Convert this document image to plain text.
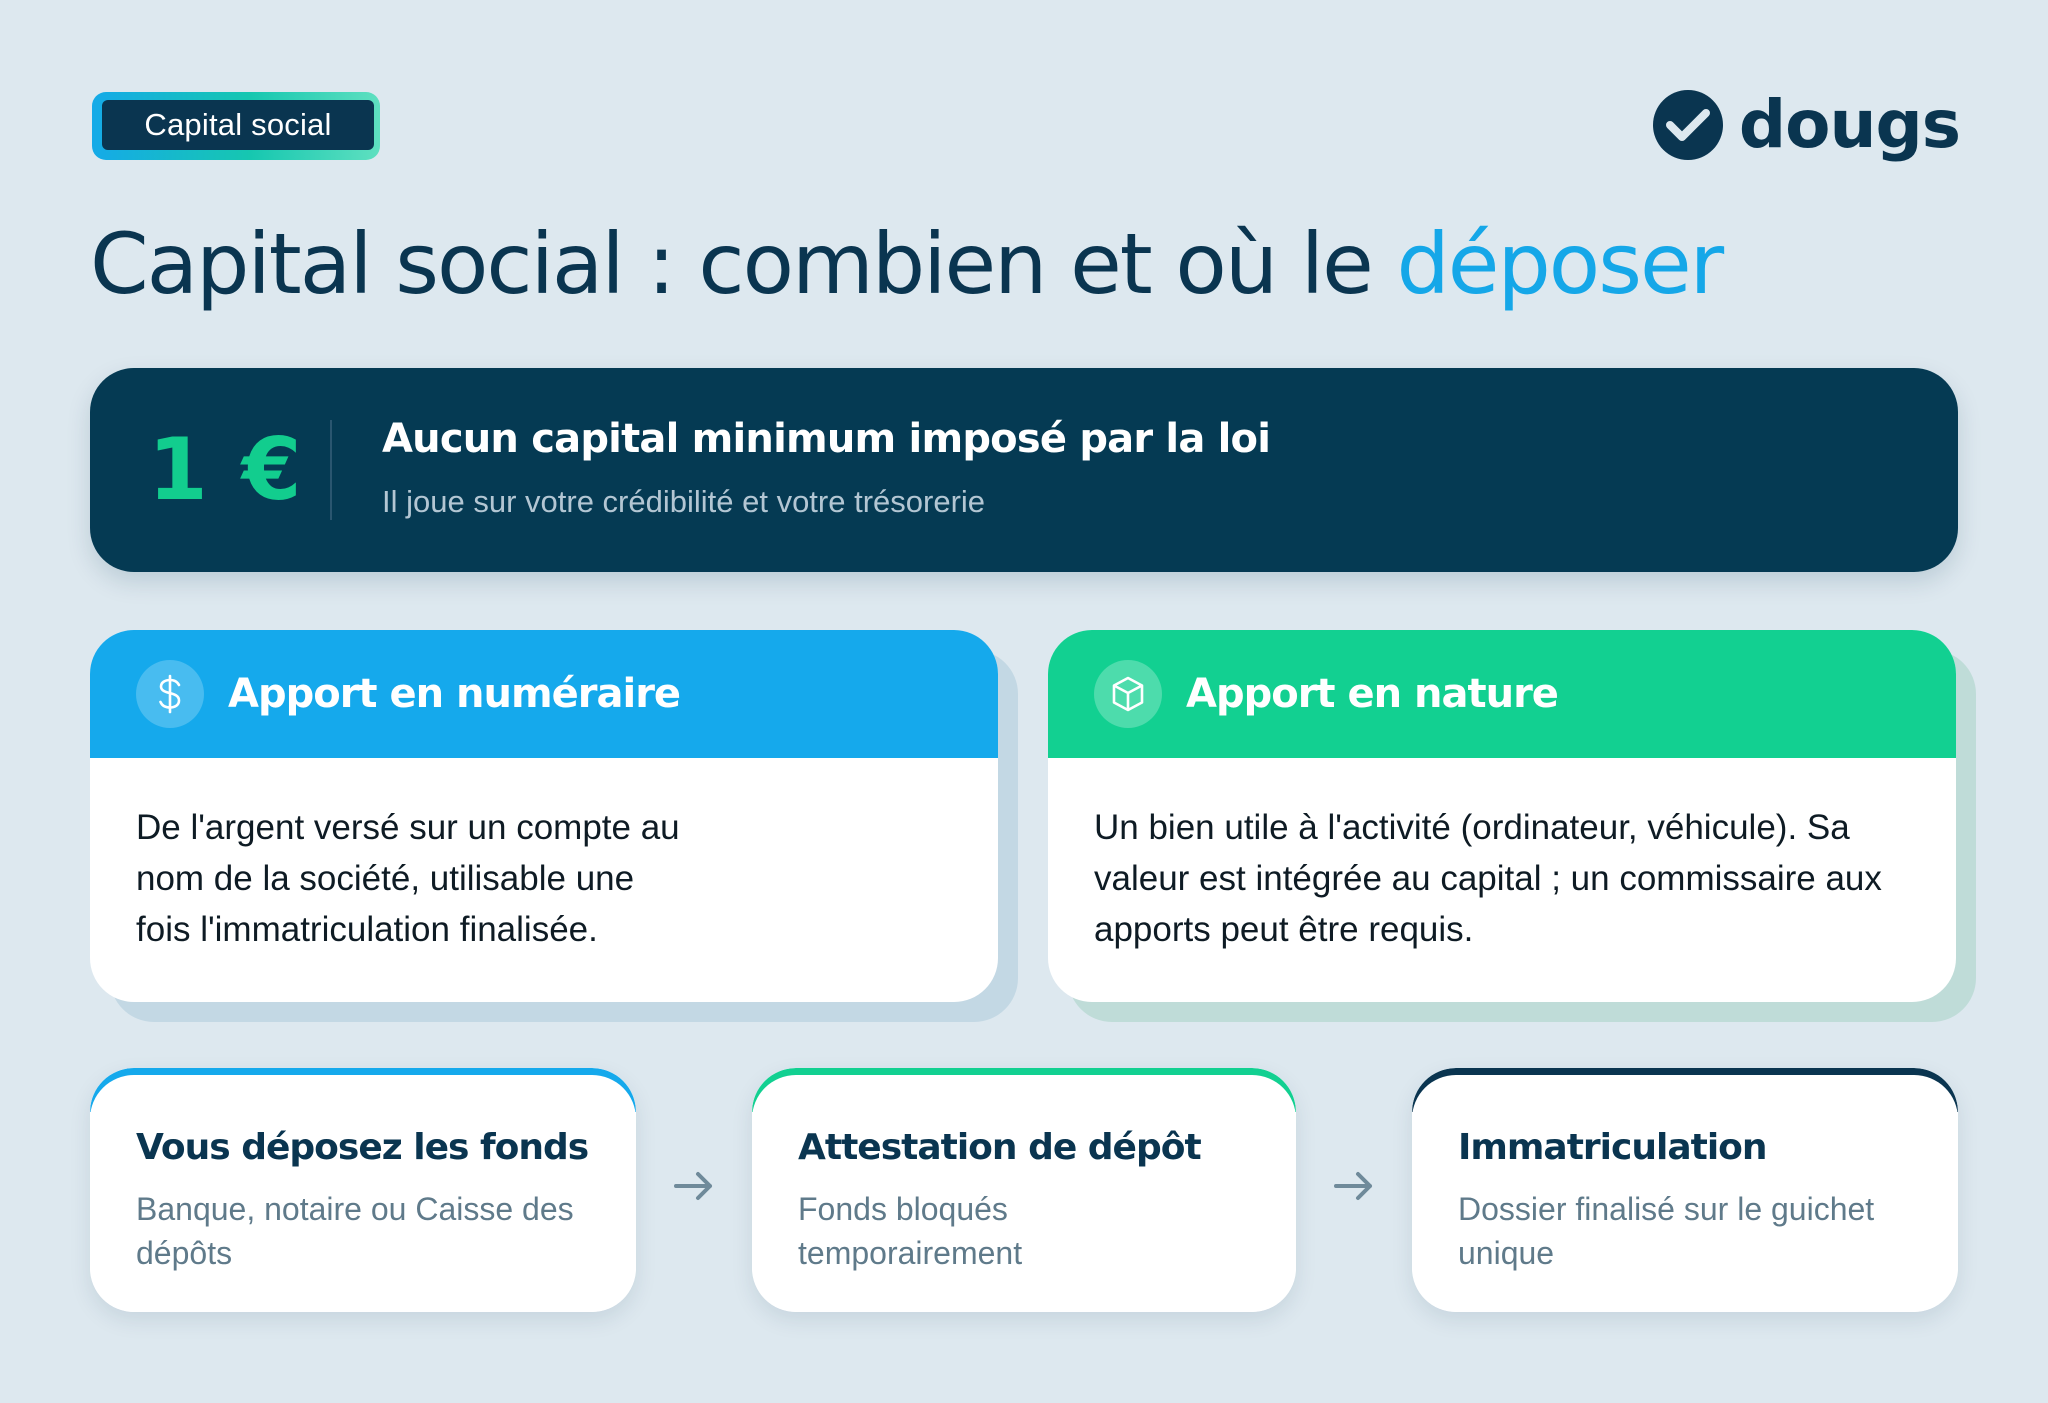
Capital social	dougs
Capital social : combien et où le déposer
1 € Aucun capital minimum imposé par la loi
Il joue sur votre crédibilité et votre trésorerie
Apport en numéraire
De l'argent versé sur un compte au nom de la société, utilisable une fois l'immatriculation finalisée.
Apport en nature
Un bien utile à l'activité (ordinateur, véhicule). Sa valeur est intégrée au capital ; un commissaire aux apports peut être requis.
Vous déposez les fonds
Banque, notaire ou Caisse des dépôts
Attestation de dépôt
Fonds bloqués temporairement
Immatriculation
Dossier finalisé sur le guichet unique
